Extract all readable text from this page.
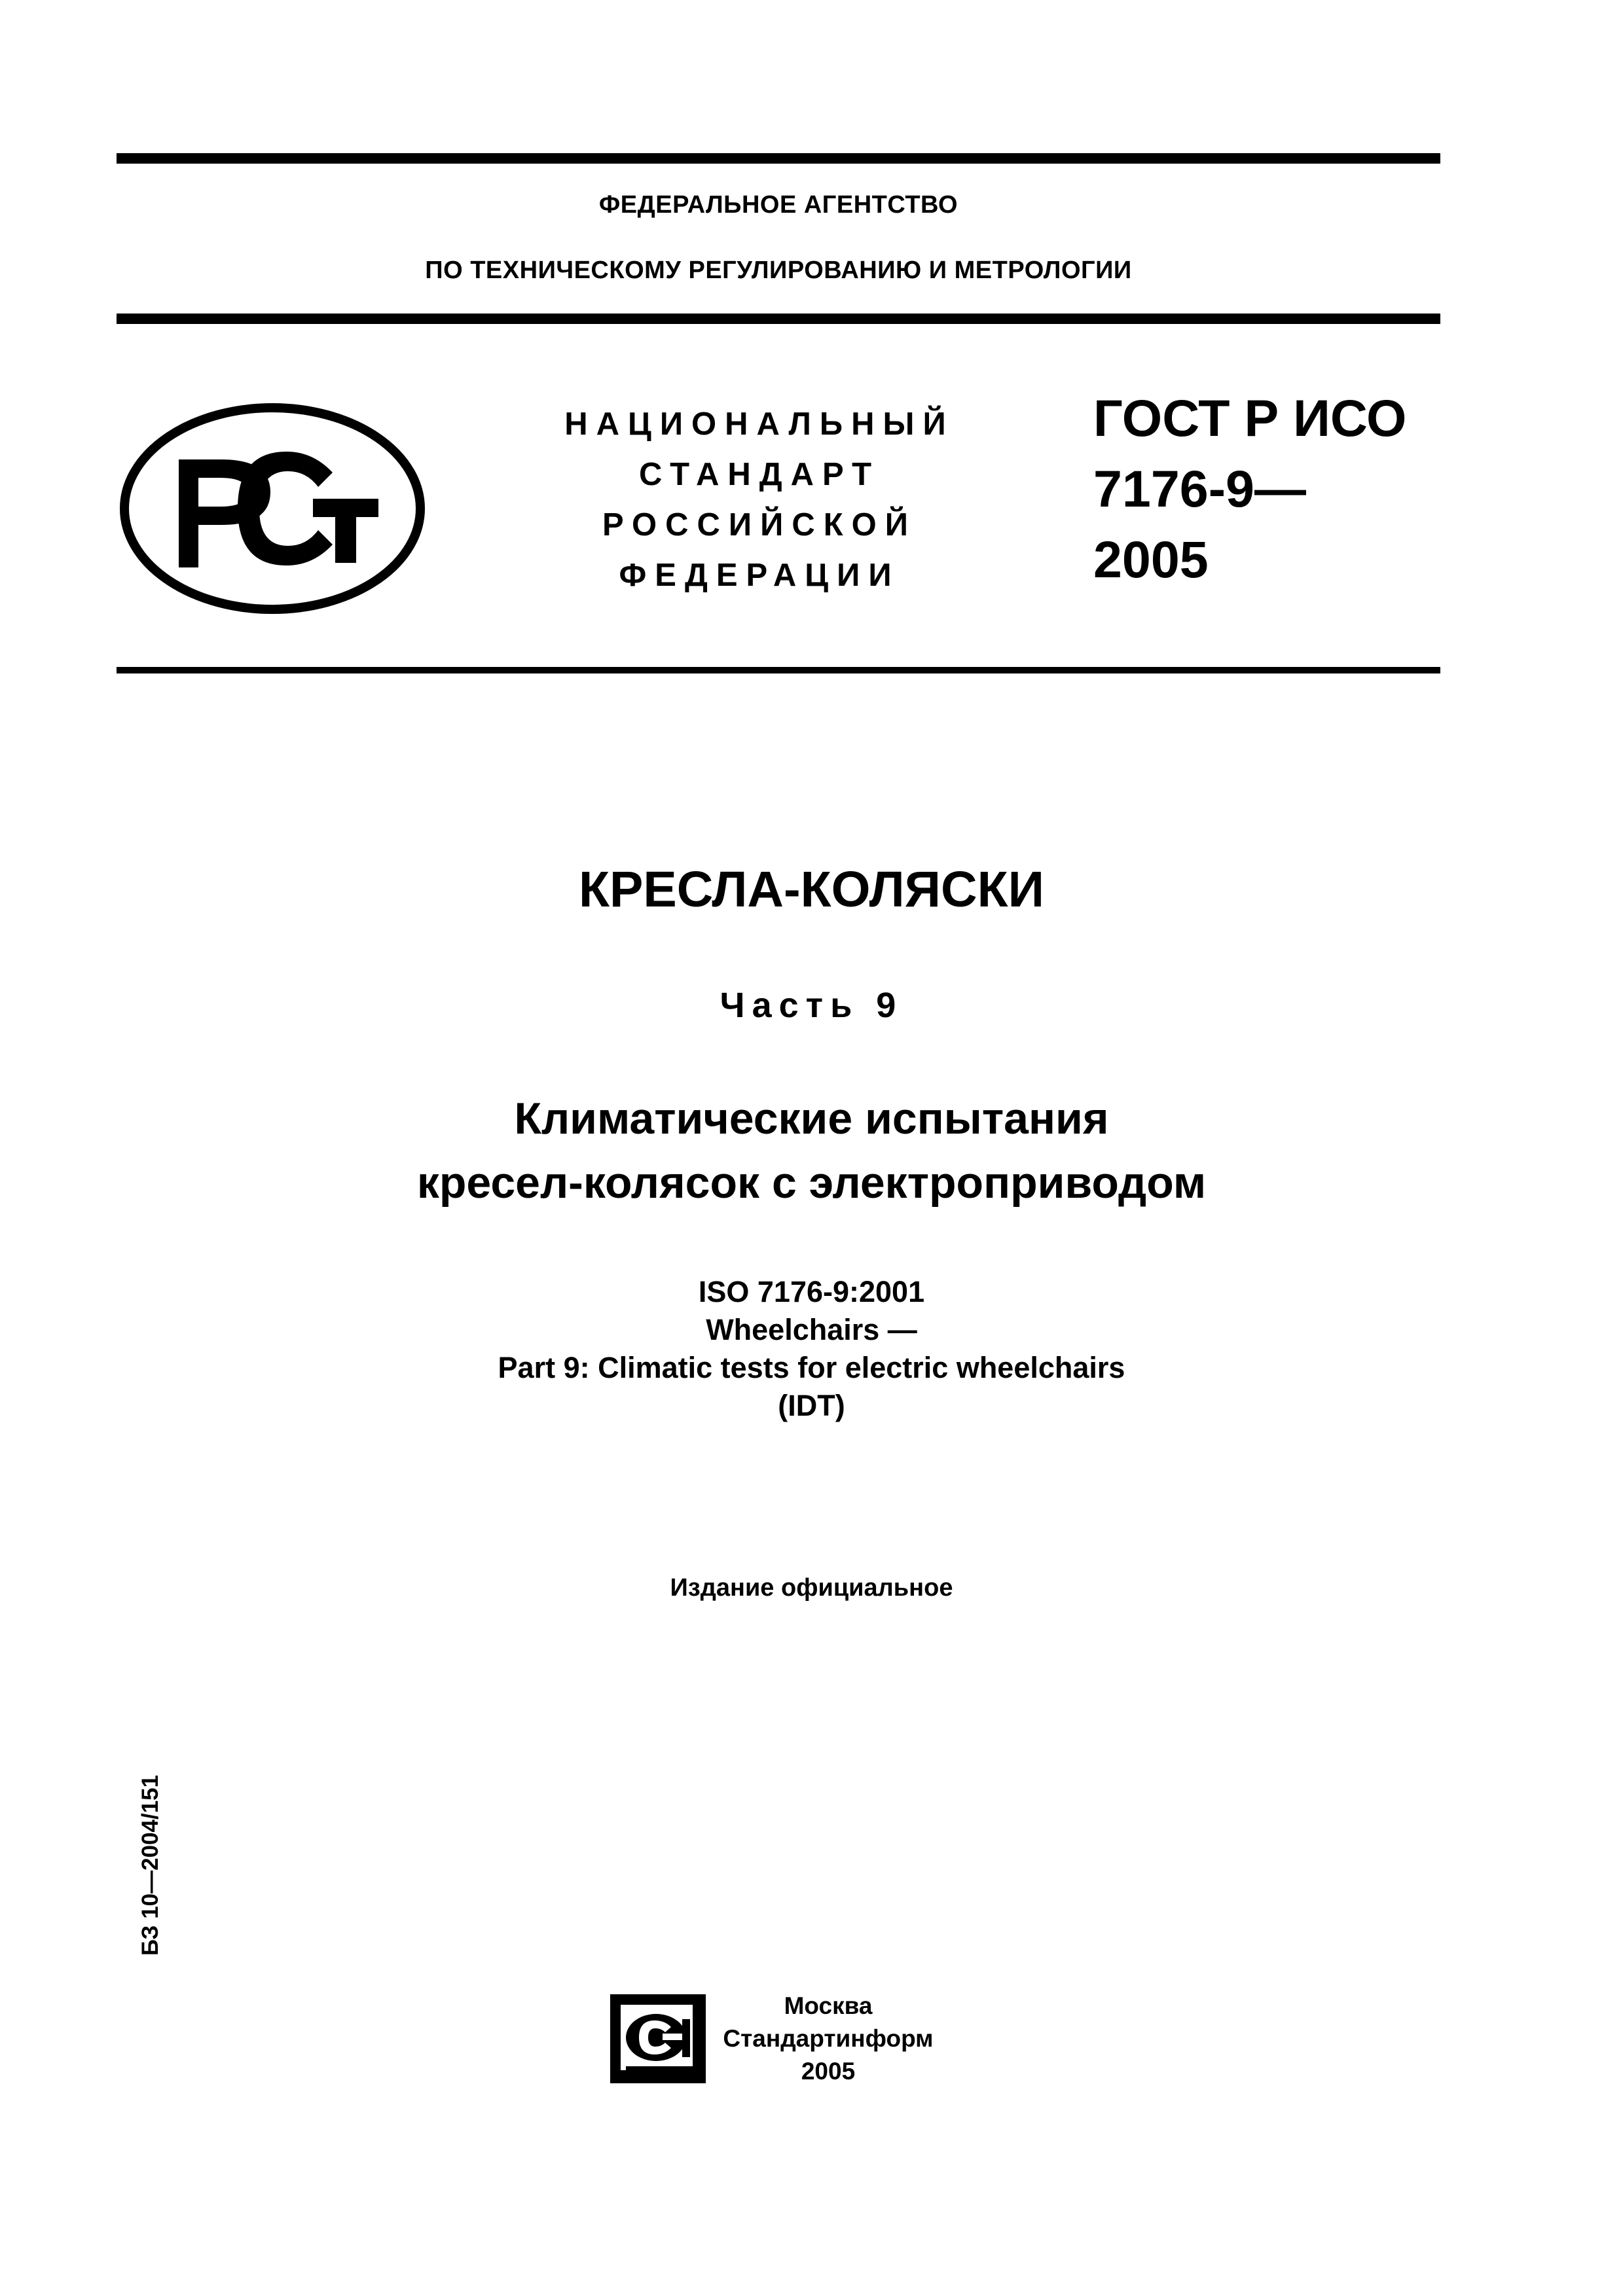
ФЕДЕРАЛЬНОЕ АГЕНТСТВО
ПО ТЕХНИЧЕСКОМУ РЕГУЛИРОВАНИЮ И МЕТРОЛОГИИ
НАЦИОНАЛЬНЫЙ
СТАНДАРТ
РОССИЙСКОЙ
ФЕДЕРАЦИИ
ГОСТ Р ИСО
7176-9—
2005
КРЕСЛА-КОЛЯСКИ
Часть 9
Климатические испытания
кресел-колясок с электроприводом
ISO 7176-9:2001
Wheelchairs —
Part 9: Climatic tests for electric wheelchairs
(IDT)
Издание официальное
БЗ 10—2004/151
Москва
Стандартинформ
2005
